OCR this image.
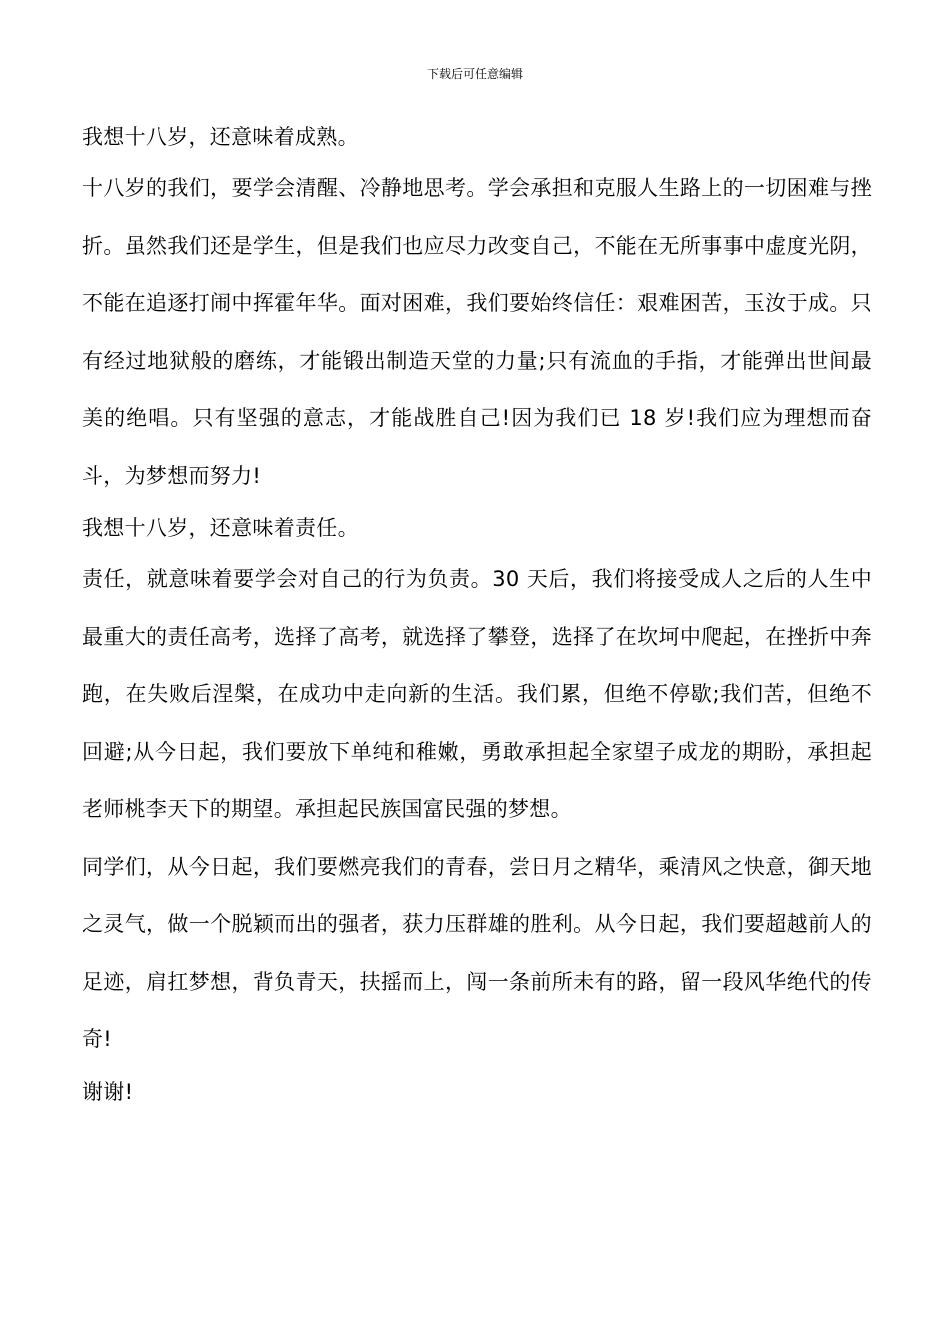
下载后可任意编辑

我想十八岁，还意味着成熟。

十八岁的我们，要学会清醒、冷静地思考。学会承担和克服人生路上的一切困难与挫折。虽然我们还是学生，但是我们也应尽力改变自己，不能在无所事事中虚度光阴，不能在追逐打闹中挥霍年华。面对困难，我们要始终信任：艰难困苦，玉汝于成。只有经过地狱般的磨练，才能锻出制造天堂的力量;只有流血的手指，才能弹出世间最美的绝唱。只有坚强的意志，才能战胜自己!因为我们已 18 岁!我们应为理想而奋斗，为梦想而努力!

我想十八岁，还意味着责任。

责任，就意味着要学会对自己的行为负责。30 天后，我们将接受成人之后的人生中最重大的责任高考，选择了高考，就选择了攀登，选择了在坎坷中爬起，在挫折中奔跑，在失败后涅槃，在成功中走向新的生活。我们累，但绝不停歇;我们苦，但绝不回避;从今日起，我们要放下单纯和稚嫩，勇敢承担起全家望子成龙的期盼，承担起老师桃李天下的期望。承担起民族国富民强的梦想。

同学们，从今日起，我们要燃亮我们的青春，尝日月之精华，乘清风之快意，御天地之灵气，做一个脱颖而出的强者，获力压群雄的胜利。从今日起，我们要超越前人的足迹，肩扛梦想，背负青天，扶摇而上，闯一条前所未有的路，留一段风华绝代的传奇!

谢谢!
